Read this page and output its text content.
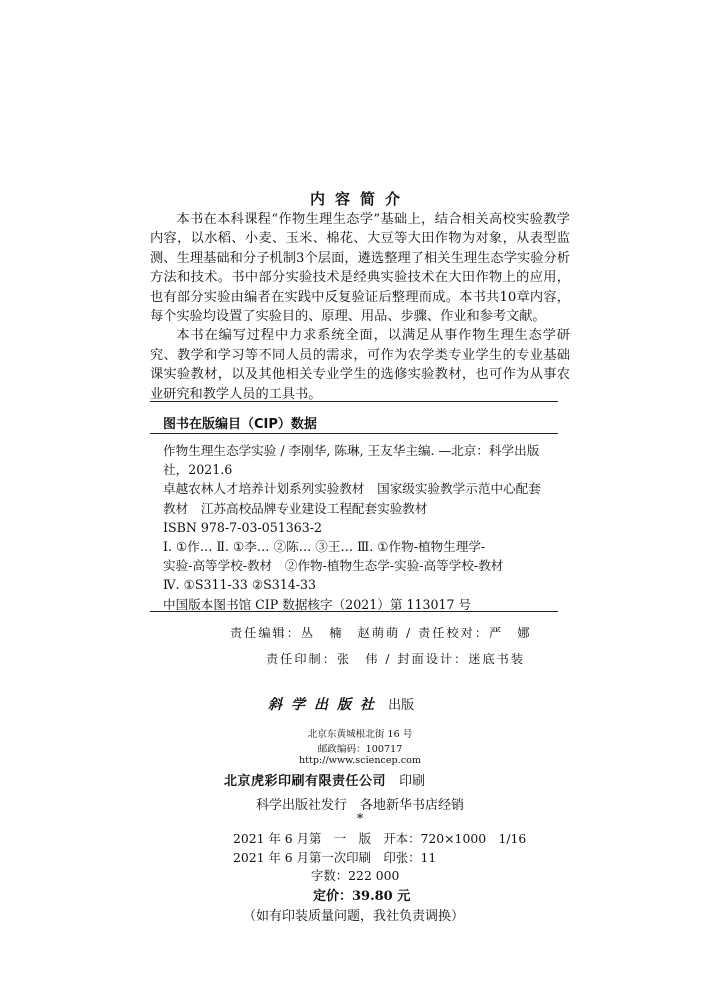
内容简介

本书在本科课程“作物生理生态学”基础上，结合相关高校实验教学内容，以水稻、小麦、玉米、棉花、大豆等大田作物为对象，从表型监测、生理基础和分子机制3个层面，遴选整理了相关生理生态学实验分析方法和技术。书中部分实验技术是经典实验技术在大田作物上的应用，也有部分实验由编者在实践中反复验证后整理而成。本书共10章内容，每个实验均设置了实验目的、原理、用品、步骤、作业和参考文献。

本书在编写过程中力求系统全面，以满足从事作物生理生态学研究、教学和学习等不同人员的需求，可作为农学类专业学生的专业基础课实验教材，以及其他相关专业学生的选修实验教材，也可作为从事农业研究和教学人员的工具书。

图书在版编目（CIP）数据
作物生理生态学实验 / 李刚华, 陈琳, 王友华主编. —北京：科学出版
社，2021.6
卓越农林人才培养计划系列实验教材　国家级实验教学示范中心配套
教材　江苏高校品牌专业建设工程配套实验教材
ISBN 978-7-03-051363-2
Ⅰ. ①作… Ⅱ. ①李… ②陈… ③王… Ⅲ. ①作物-植物生理学-
实验-高等学校-教材　②作物-植物生态学-实验-高等学校-教材
Ⅳ. ①S311-33 ②S314-33
中国版本图书馆 CIP 数据核字（2021）第 113017 号
责任编辑：丛　楠　赵萌萌 / 责任校对：严　娜
责任印制：张　伟 / 封面设计：迷底书装
斜学出版社 出版
北京东黄城根北街 16 号
邮政编码：100717
http://www.sciencep.com
北京虎彩印刷有限责任公司 印刷
科学出版社发行　各地新华书店经销
*
2021 年 6 月第　一　版　开本：720×1000　1/16
2021 年 6 月第一次印刷　印张：11
字数：222 000
定价：39.80 元
（如有印装质量问题，我社负责调换）
